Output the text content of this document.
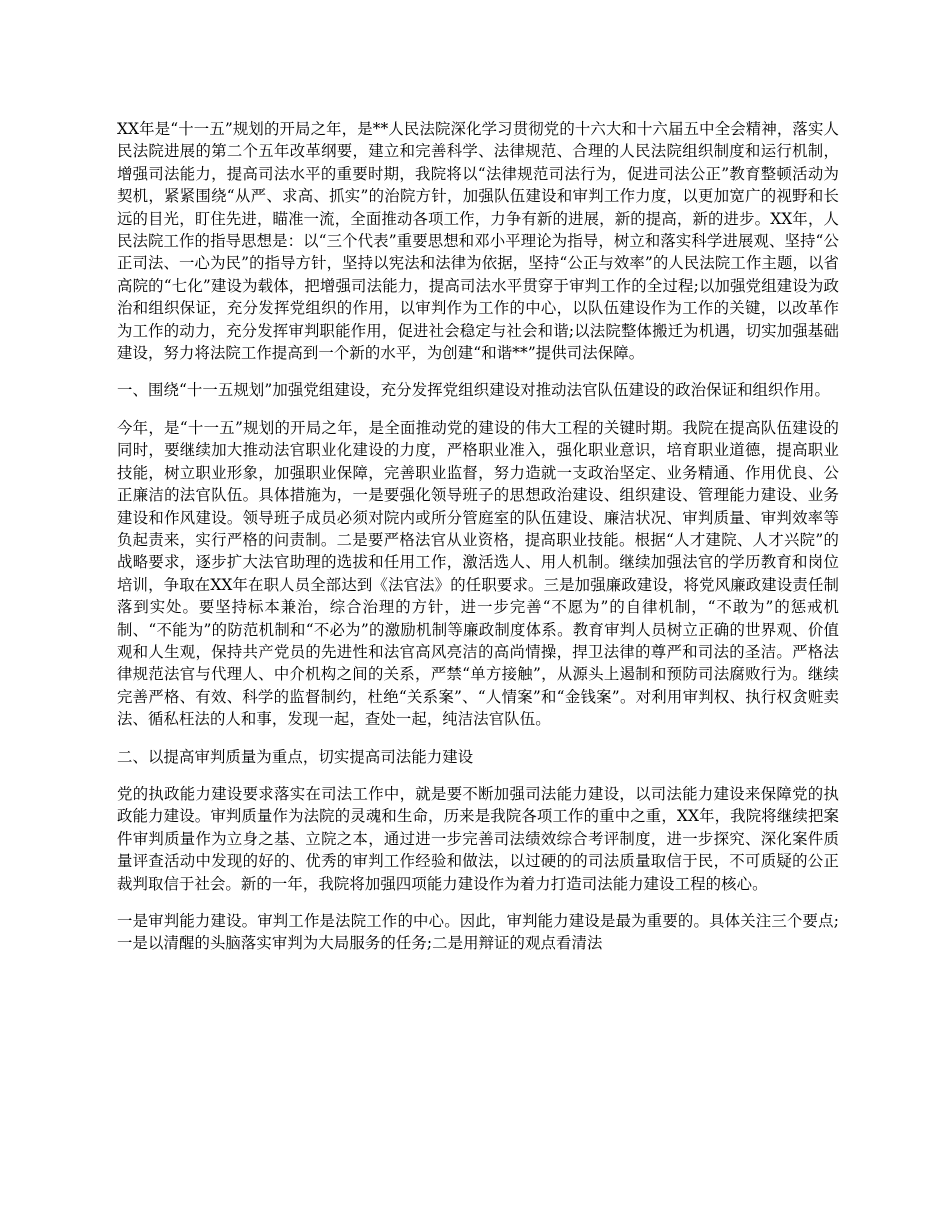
XX年是“十一五”规划的开局之年，是**人民法院深化学习贯彻党的十六大和十六届五中全会精神，落实人民法院进展的第二个五年改革纲要，建立和完善科学、法律规范、合理的人民法院组织制度和运行机制，增强司法能力，提高司法水平的重要时期，我院将以“法律规范司法行为，促进司法公正”教育整顿活动为契机，紧紧围绕“从严、求高、抓实”的治院方针，加强队伍建设和审判工作力度，以更加宽广的视野和长远的目光，盯住先进，瞄准一流，全面推动各项工作，力争有新的进展，新的提高，新的进步。XX年，人民法院工作的指导思想是：以“三个代表”重要思想和邓小平理论为指导，树立和落实科学进展观、坚持“公正司法、一心为民”的指导方针，坚持以宪法和法律为依据，坚持“公正与效率”的人民法院工作主题，以省高院的“七化”建设为载体，把增强司法能力，提高司法水平贯穿于审判工作的全过程;以加强党组建设为政治和组织保证，充分发挥党组织的作用，以审判作为工作的中心，以队伍建设作为工作的关键，以改革作为工作的动力，充分发挥审判职能作用，促进社会稳定与社会和谐;以法院整体搬迁为机遇，切实加强基础建设，努力将法院工作提高到一个新的水平，为创建“和谐**”提供司法保障。

一、围绕“十一五规划”加强党组建设，充分发挥党组织建设对推动法官队伍建设的政治保证和组织作用。

今年，是“十一五”规划的开局之年，是全面推动党的建设的伟大工程的关键时期。我院在提高队伍建设的同时，要继续加大推动法官职业化建设的力度，严格职业准入，强化职业意识，培育职业道德，提高职业技能，树立职业形象，加强职业保障，完善职业监督，努力造就一支政治坚定、业务精通、作用优良、公正廉洁的法官队伍。具体措施为，一是要强化领导班子的思想政治建设、组织建设、管理能力建设、业务建设和作风建设。领导班子成员必须对院内或所分管庭室的队伍建设、廉洁状况、审判质量、审判效率等负起责来，实行严格的问责制。二是要严格法官从业资格，提高职业技能。根据“人才建院、人才兴院”的战略要求，逐步扩大法官助理的选拔和任用工作，激活选人、用人机制。继续加强法官的学历教育和岗位培训，争取在XX年在职人员全部达到《法官法》的任职要求。三是加强廉政建设，将党风廉政建设责任制落到实处。要坚持标本兼治，综合治理的方针，进一步完善“不愿为”的自律机制，“不敢为”的惩戒机制、“不能为”的防范机制和“不必为”的激励机制等廉政制度体系。教育审判人员树立正确的世界观、价值观和人生观，保持共产党员的先进性和法官高风亮洁的高尚情操，捍卫法律的尊严和司法的圣洁。严格法律规范法官与代理人、中介机构之间的关系，严禁“单方接触”，从源头上遏制和预防司法腐败行为。继续完善严格、有效、科学的监督制约，杜绝“关系案”、“人情案”和“金钱案”。对利用审判权、执行权贪赃卖法、循私枉法的人和事，发现一起，查处一起，纯洁法官队伍。

二、以提高审判质量为重点，切实提高司法能力建设

党的执政能力建设要求落实在司法工作中，就是要不断加强司法能力建设，以司法能力建设来保障党的执政能力建设。审判质量作为法院的灵魂和生命，历来是我院各项工作的重中之重，XX年，我院将继续把案件审判质量作为立身之基、立院之本，通过进一步完善司法绩效综合考评制度，进一步探究、深化案件质量评查活动中发现的好的、优秀的审判工作经验和做法，以过硬的的司法质量取信于民，不可质疑的公正裁判取信于社会。新的一年，我院将加强四项能力建设作为着力打造司法能力建设工程的核心。

一是审判能力建设。审判工作是法院工作的中心。因此，审判能力建设是最为重要的。具体关注三个要点;一是以清醒的头脑落实审判为大局服务的任务;二是用辩证的观点看清法
